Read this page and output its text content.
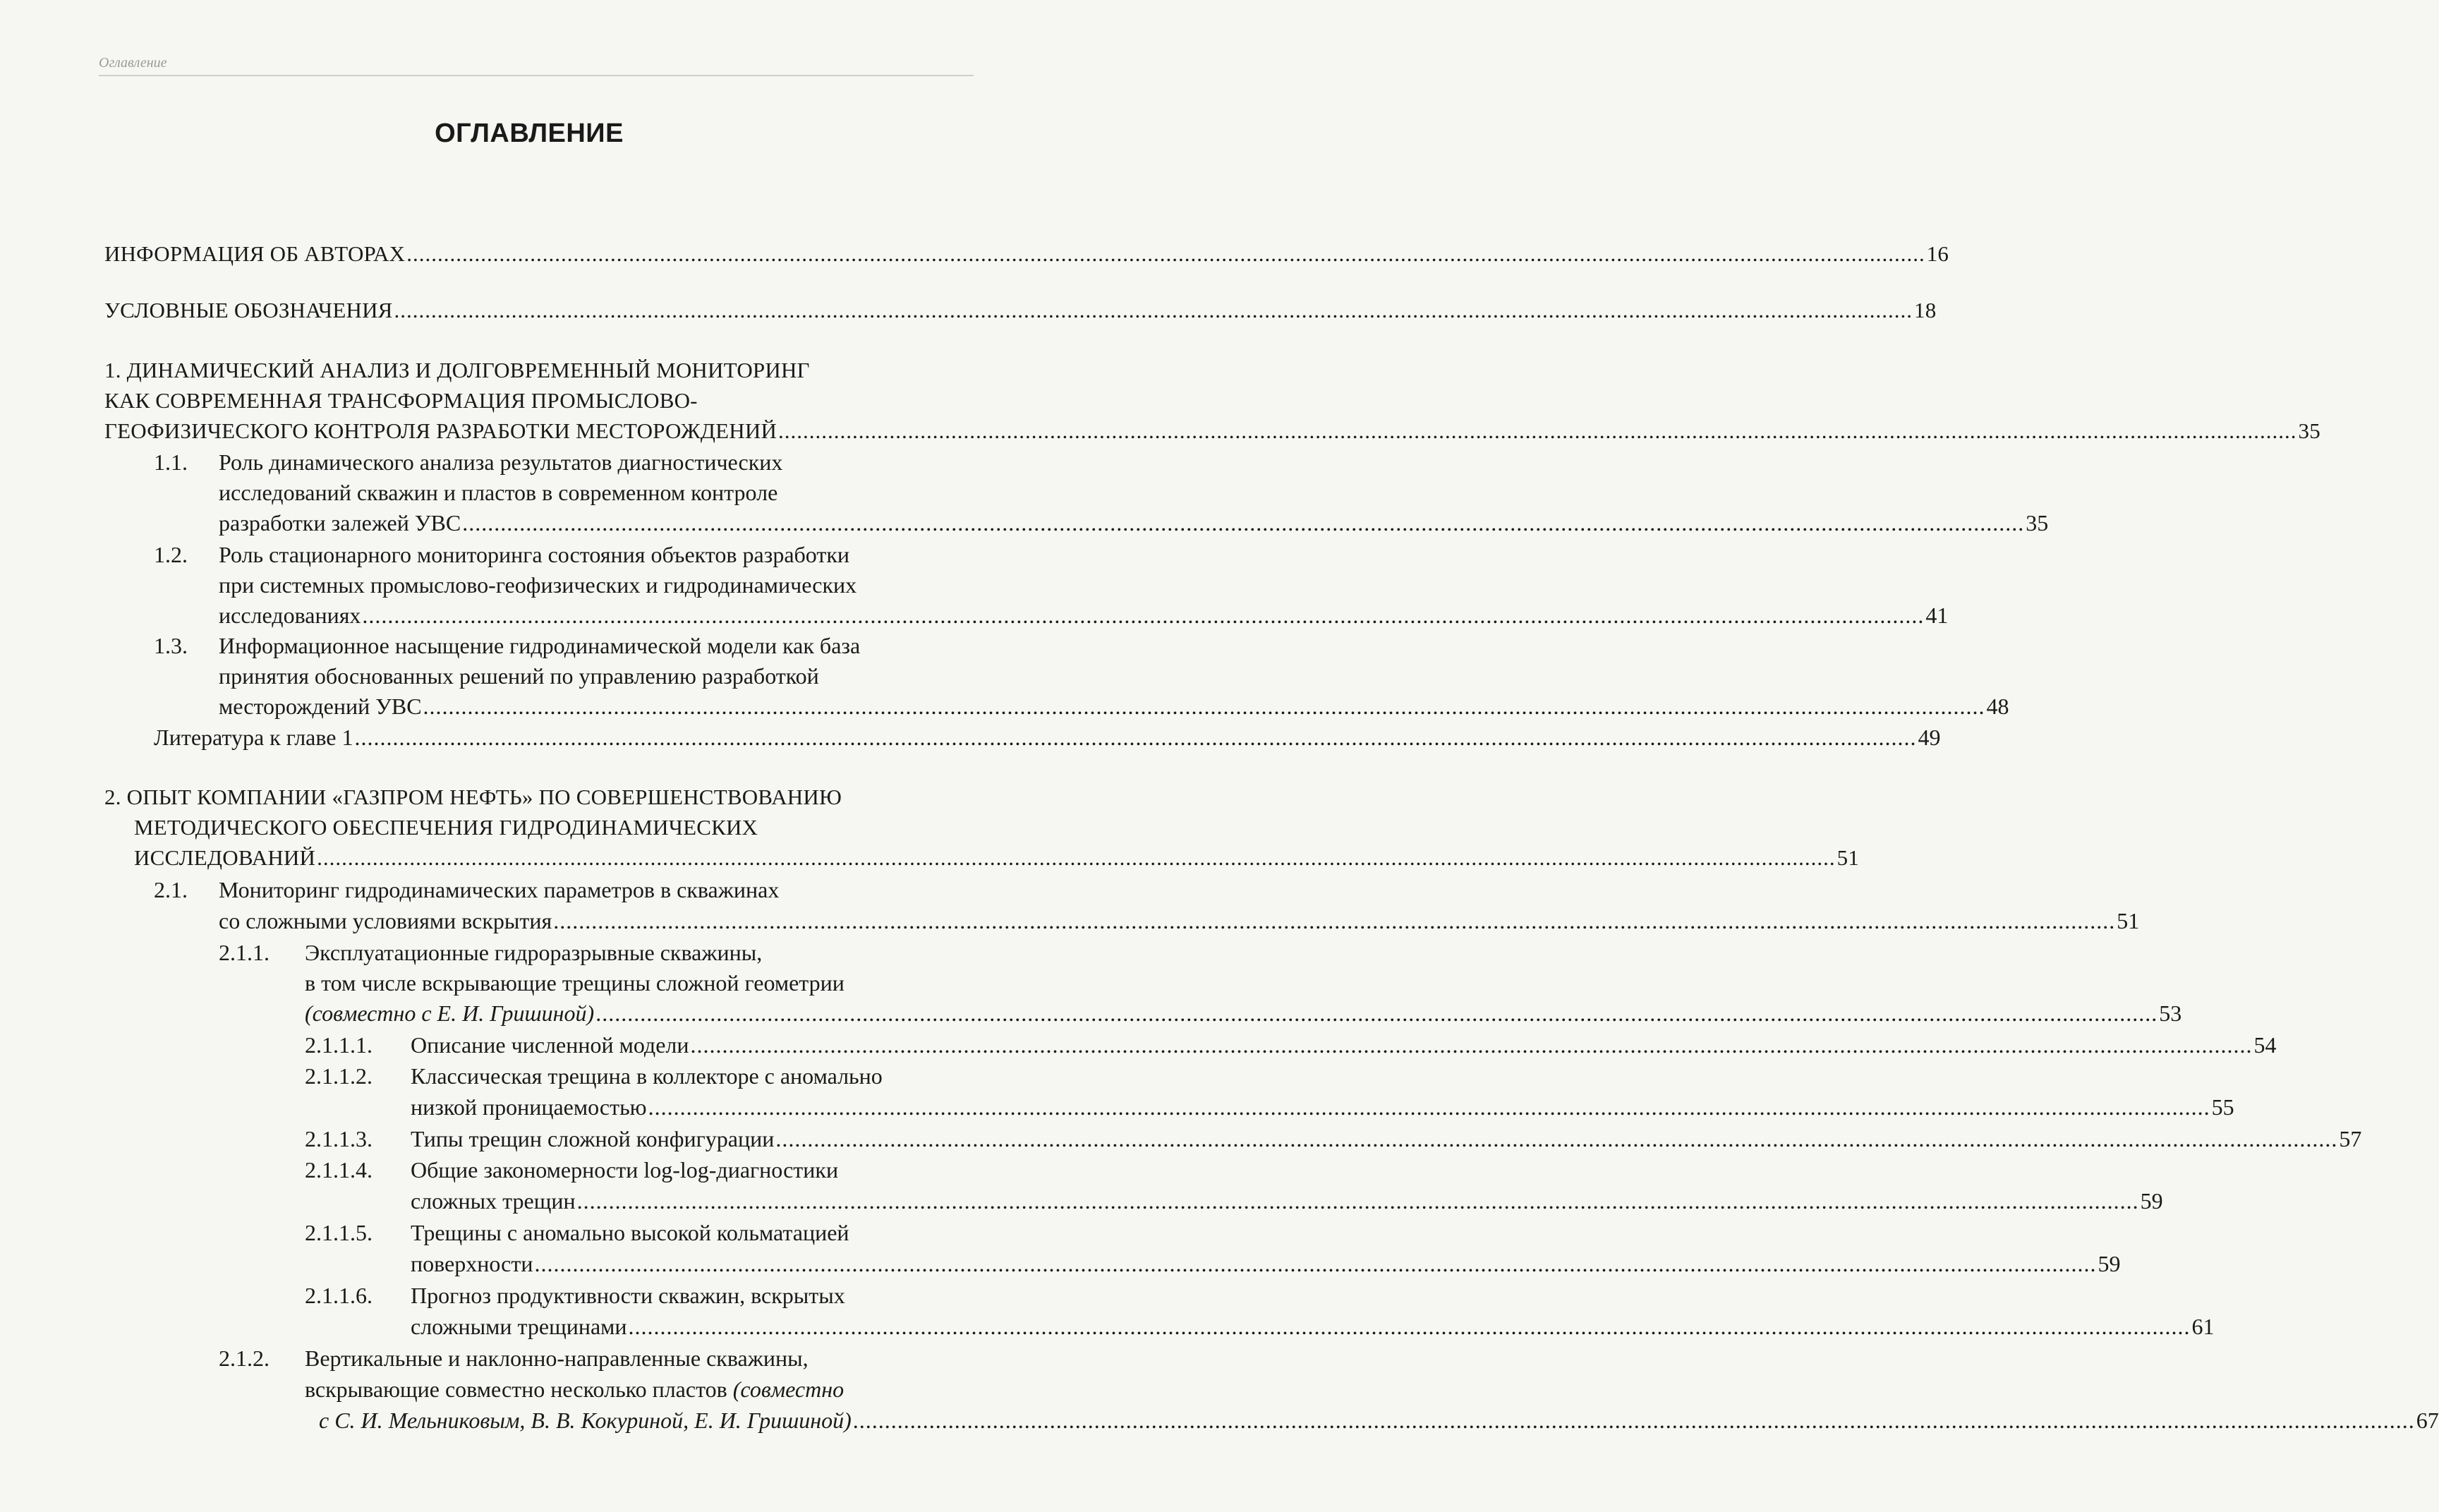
Оглавление
ОГЛАВЛЕНИЕ
ИНФОРМАЦИЯ ОБ АВТОРАХ ...................................................................................................................................................................................................................................................... 16
УСЛОВНЫЕ ОБОЗНАЧЕНИЯ ...................................................................................................................................................................................................................................................... 18
1. ДИНАМИЧЕСКИЙ АНАЛИЗ И ДОЛГОВРЕМЕННЫЙ МОНИТОРИНГ
КАК СОВРЕМЕННАЯ ТРАНСФОРМАЦИЯ ПРОМЫСЛОВО-
ГЕОФИЗИЧЕСКОГО КОНТРОЛЯ РАЗРАБОТКИ МЕСТОРОЖДЕНИЙ ...................................................................................................................................................................................................................................................... 35
1.1. Роль динамического анализа результатов диагностических
исследований скважин и пластов в современном контроле
разработки залежей УВС ...................................................................................................................................................................................................................................................... 35
1.2. Роль стационарного мониторинга состояния объектов разработки
при системных промыслово-геофизических и гидродинамических
исследованиях ...................................................................................................................................................................................................................................................... 41
1.3. Информационное насыщение гидродинамической модели как база
принятия обоснованных решений по управлению разработкой
месторождений УВС ...................................................................................................................................................................................................................................................... 48
Литература к главе 1 ...................................................................................................................................................................................................................................................... 49
2. ОПЫТ КОМПАНИИ «ГАЗПРОМ НЕФТЬ» ПО СОВЕРШЕНСТВОВАНИЮ
МЕТОДИЧЕСКОГО ОБЕСПЕЧЕНИЯ ГИДРОДИНАМИЧЕСКИХ
ИССЛЕДОВАНИЙ ...................................................................................................................................................................................................................................................... 51
2.1. Мониторинг гидродинамических параметров в скважинах
со сложными условиями вскрытия ...................................................................................................................................................................................................................................................... 51
2.1.1. Эксплуатационные гидроразрывные скважины,
в том числе вскрывающие трещины сложной геометрии
(совместно с Е. И. Гришиной) ...................................................................................................................................................................................................................................................... 53
2.1.1.1. Описание численной модели ...................................................................................................................................................................................................................................................... 54
2.1.1.2. Классическая трещина в коллекторе с аномально
низкой проницаемостью ...................................................................................................................................................................................................................................................... 55
2.1.1.3. Типы трещин сложной конфигурации ...................................................................................................................................................................................................................................................... 57
2.1.1.4. Общие закономерности log-log-диагностики
сложных трещин ...................................................................................................................................................................................................................................................... 59
2.1.1.5. Трещины с аномально высокой кольматацией
поверхности ...................................................................................................................................................................................................................................................... 59
2.1.1.6. Прогноз продуктивности скважин, вскрытых
сложными трещинами ...................................................................................................................................................................................................................................................... 61
2.1.2. Вертикальные и наклонно-направленные скважины,
вскрывающие совместно несколько пластов (совместно
с С. И. Мельниковым, В. В. Кокуриной, Е. И. Гришиной) ...................................................................................................................................................................................................................................................... 67
